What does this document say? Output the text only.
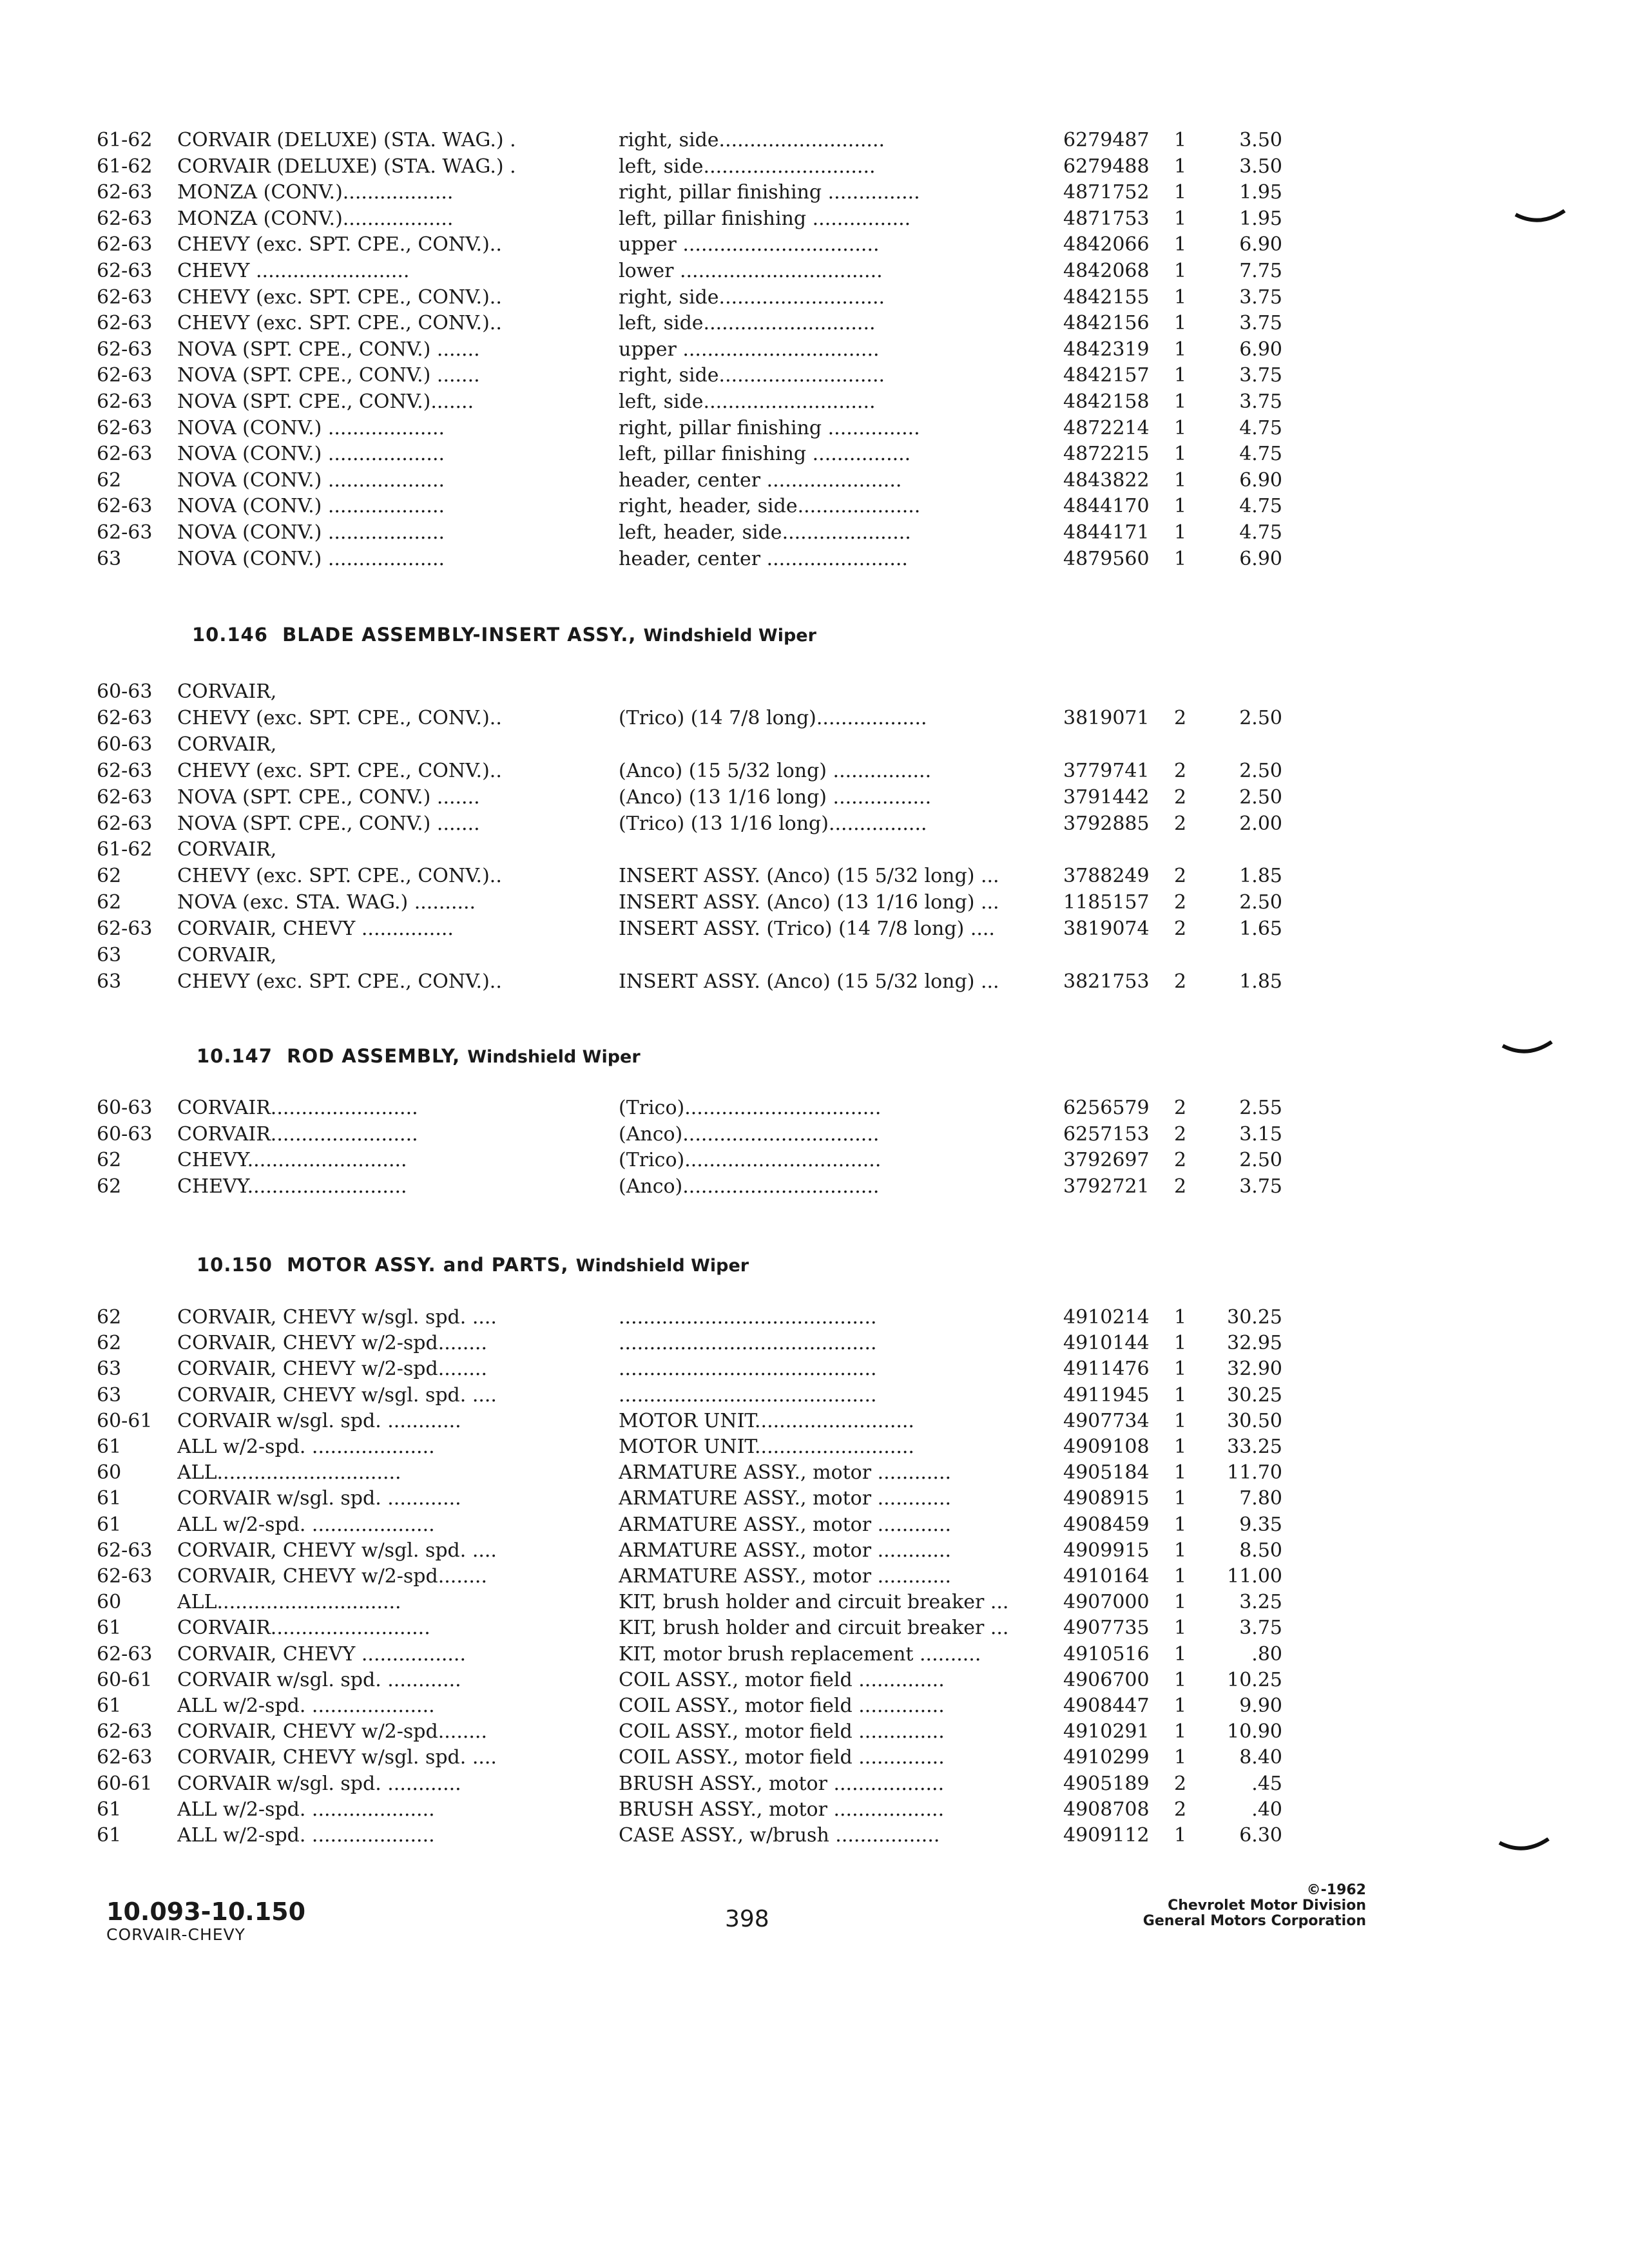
61-62 CORVAIR (DELUXE) (STA. WAG.) .	right, side...........................	6279487 1	3.50
61-62 CORVAIR (DELUXE) (STA. WAG.) .	left, side............................	6279488 1	3.50
62-63 MONZA (CONV.)..................	right, pillar finishing ...............	4871752 1	1.95
62-63 MONZA (CONV.)..................	left, pillar finishing ................	4871753 1	1.95
62-63 CHEVY (exc. SPT. CPE., CONV.)..	upper ................................	4842066 1	6.90
62-63 CHEVY .........................	lower .................................	4842068 1	7.75
62-63 CHEVY (exc. SPT. CPE., CONV.)..	right, side...........................	4842155 1	3.75
62-63 CHEVY (exc. SPT. CPE., CONV.)..	left, side............................	4842156 1	3.75
62-63 NOVA (SPT. CPE., CONV.) .......	upper ................................	4842319 1	6.90
62-63 NOVA (SPT. CPE., CONV.) .......	right, side...........................	4842157 1	3.75
62-63 NOVA (SPT. CPE., CONV.).......	left, side............................	4842158 1	3.75
62-63 NOVA (CONV.) ...................	right, pillar finishing ...............	4872214 1	4.75
62-63 NOVA (CONV.) ...................	left, pillar finishing ................	4872215 1	4.75
62	NOVA (CONV.) ...................	header, center ......................	4843822 1	6.90
62-63 NOVA (CONV.) ...................	right, header, side....................	4844170 1	4.75
62-63 NOVA (CONV.) ...................	left, header, side.....................	4844171 1	4.75
63	NOVA (CONV.) ...................	header, center .......................	4879560 1	6.90
10.146 BLADE ASSEMBLY-INSERT ASSY., Windshield Wiper
60-63 CORVAIR,
62-63 CHEVY (exc. SPT. CPE., CONV.)..	(Trico) (14 7/8 long)..................	3819071 2	2.50
60-63 CORVAIR,
62-63 CHEVY (exc. SPT. CPE., CONV.)..	(Anco) (15 5/32 long) ................	3779741 2	2.50
62-63 NOVA (SPT. CPE., CONV.) .......	(Anco) (13 1/16 long) ................	3791442 2	2.50
62-63 NOVA (SPT. CPE., CONV.) .......	(Trico) (13 1/16 long)................	3792885 2	2.00
61-62 CORVAIR,
62	CHEVY (exc. SPT. CPE., CONV.)..	INSERT ASSY. (Anco) (15 5/32 long) ...	3788249 2	1.85
62	NOVA (exc. STA. WAG.) ..........	INSERT ASSY. (Anco) (13 1/16 long) ...	1185157 2	2.50
62-63 CORVAIR, CHEVY ...............	INSERT ASSY. (Trico) (14 7/8 long) ....	3819074 2	1.65
63	CORVAIR,
63	CHEVY (exc. SPT. CPE., CONV.)..	INSERT ASSY. (Anco) (15 5/32 long) ...	3821753 2	1.85
10.147 ROD ASSEMBLY, Windshield Wiper
60-63 CORVAIR........................	(Trico)................................	6256579 2	2.55
60-63 CORVAIR........................	(Anco)................................	6257153 2	3.15
62	CHEVY..........................	(Trico)................................	3792697 2	2.50
62	CHEVY..........................	(Anco)................................	3792721 2	3.75
10.150 MOTOR ASSY. and PARTS, Windshield Wiper
62	CORVAIR, CHEVY w/sgl. spd. ....	..........................................	4910214 1 30.25
62	CORVAIR, CHEVY w/2-spd........	..........................................	4910144 1 32.95
63	CORVAIR, CHEVY w/2-spd........	..........................................	4911476 1 32.90
63	CORVAIR, CHEVY w/sgl. spd. ....	..........................................	4911945 1 30.25
60-61 CORVAIR w/sgl. spd. ............	MOTOR UNIT..........................	4907734 1 30.50
61	ALL w/2-spd. ....................	MOTOR UNIT..........................	4909108 1 33.25
60	ALL..............................	ARMATURE ASSY., motor ............	4905184 1 11.70
61	CORVAIR w/sgl. spd. ............	ARMATURE ASSY., motor ............	4908915 1	7.80
61	ALL w/2-spd. ....................	ARMATURE ASSY., motor ............	4908459 1	9.35
62-63 CORVAIR, CHEVY w/sgl. spd. ....	ARMATURE ASSY., motor ............	4909915 1	8.50
62-63 CORVAIR, CHEVY w/2-spd........	ARMATURE ASSY., motor ............	4910164 1 11.00
60	ALL..............................	KIT, brush holder and circuit breaker ...	4907000 1	3.25
61	CORVAIR..........................	KIT, brush holder and circuit breaker ...	4907735 1	3.75
62-63 CORVAIR, CHEVY .................	KIT, motor brush replacement ..........	4910516 1	.80
60-61 CORVAIR w/sgl. spd. ............	COIL ASSY., motor field ..............	4906700 1 10.25
61	ALL w/2-spd. ....................	COIL ASSY., motor field ..............	4908447 1	9.90
62-63 CORVAIR, CHEVY w/2-spd........	COIL ASSY., motor field ..............	4910291 1 10.90
62-63 CORVAIR, CHEVY w/sgl. spd. ....	COIL ASSY., motor field ..............	4910299 1	8.40
60-61 CORVAIR w/sgl. spd. ............	BRUSH ASSY., motor ..................	4905189 2	.45
61	ALL w/2-spd. ....................	BRUSH ASSY., motor ..................	4908708 2	.40
61	ALL w/2-spd. ....................	CASE ASSY., w/brush .................	4909112 1	6.30
10.093-10.150
CORVAIR-CHEVY
398
©-1962
Chevrolet Motor Division
General Motors Corporation
